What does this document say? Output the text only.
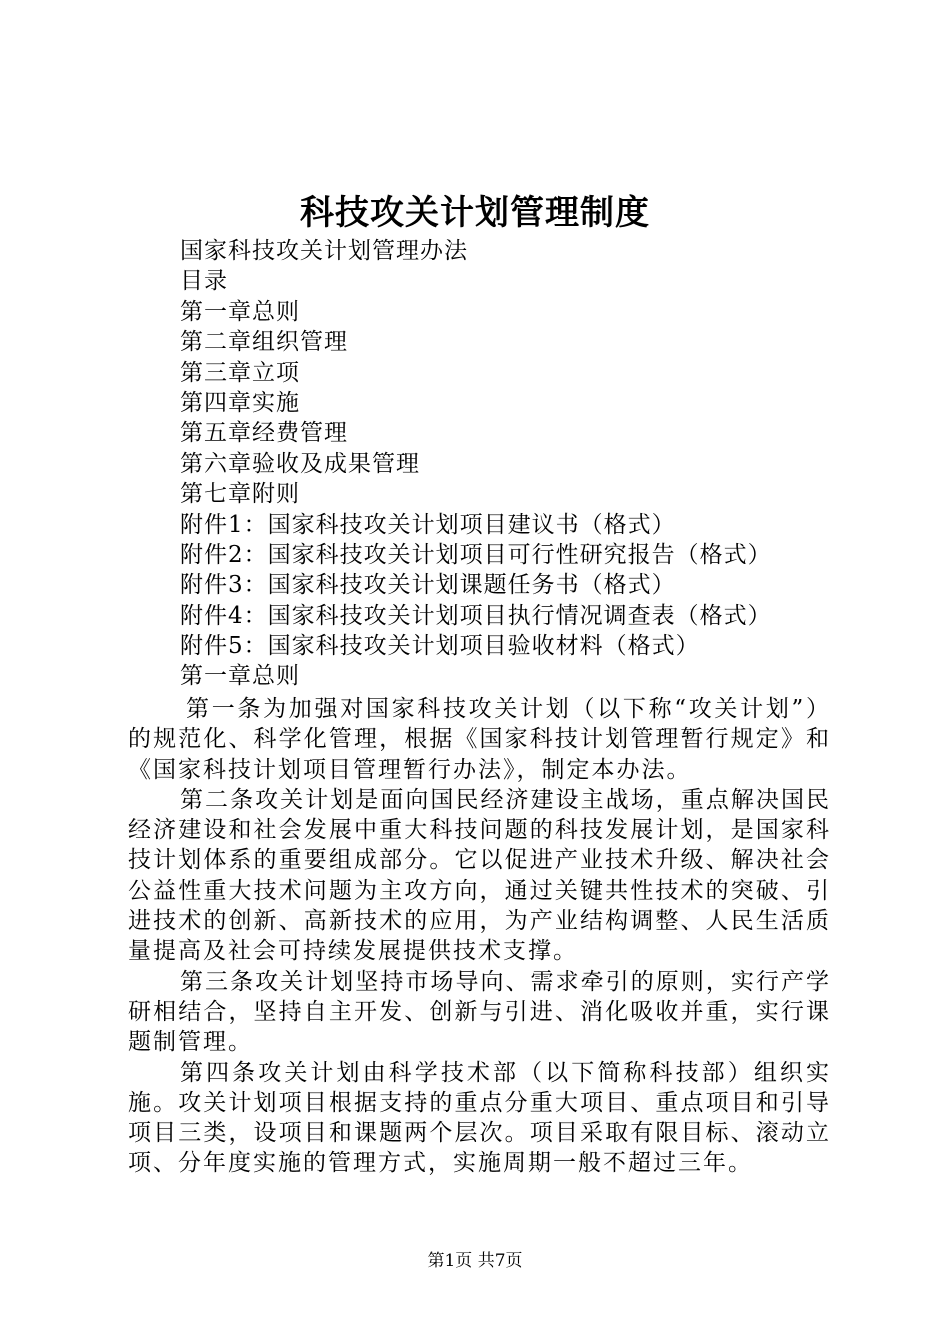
科技攻关计划管理制度
国家科技攻关计划管理办法
目录
第一章总则
第二章组织管理
第三章立项
第四章实施
第五章经费管理
第六章验收及成果管理
第七章附则
附件1：国家科技攻关计划项目建议书（格式）
附件2：国家科技攻关计划项目可行性研究报告（格式）
附件3：国家科技攻关计划课题任务书（格式）
附件4：国家科技攻关计划项目执行情况调查表（格式）
附件5：国家科技攻关计划项目验收材料（格式）
第一章总则

第一条为加强对国家科技攻关计划（以下称“攻关计划”）的规范化、科学化管理，根据《国家科技计划管理暂行规定》和《国家科技计划项目管理暂行办法》，制定本办法。

第二条攻关计划是面向国民经济建设主战场，重点解决国民经济建设和社会发展中重大科技问题的科技发展计划，是国家科技计划体系的重要组成部分。它以促进产业技术升级、解决社会公益性重大技术问题为主攻方向，通过关键共性技术的突破、引进技术的创新、高新技术的应用，为产业结构调整、人民生活质量提高及社会可持续发展提供技术支撑。

第三条攻关计划坚持市场导向、需求牵引的原则，实行产学研相结合，坚持自主开发、创新与引进、消化吸收并重，实行课题制管理。

第四条攻关计划由科学技术部（以下简称科技部）组织实施。攻关计划项目根据支持的重点分重大项目、重点项目和引导项目三类，设项目和课题两个层次。项目采取有限目标、滚动立项、分年度实施的管理方式，实施周期一般不超过三年。

第1页 共7页
